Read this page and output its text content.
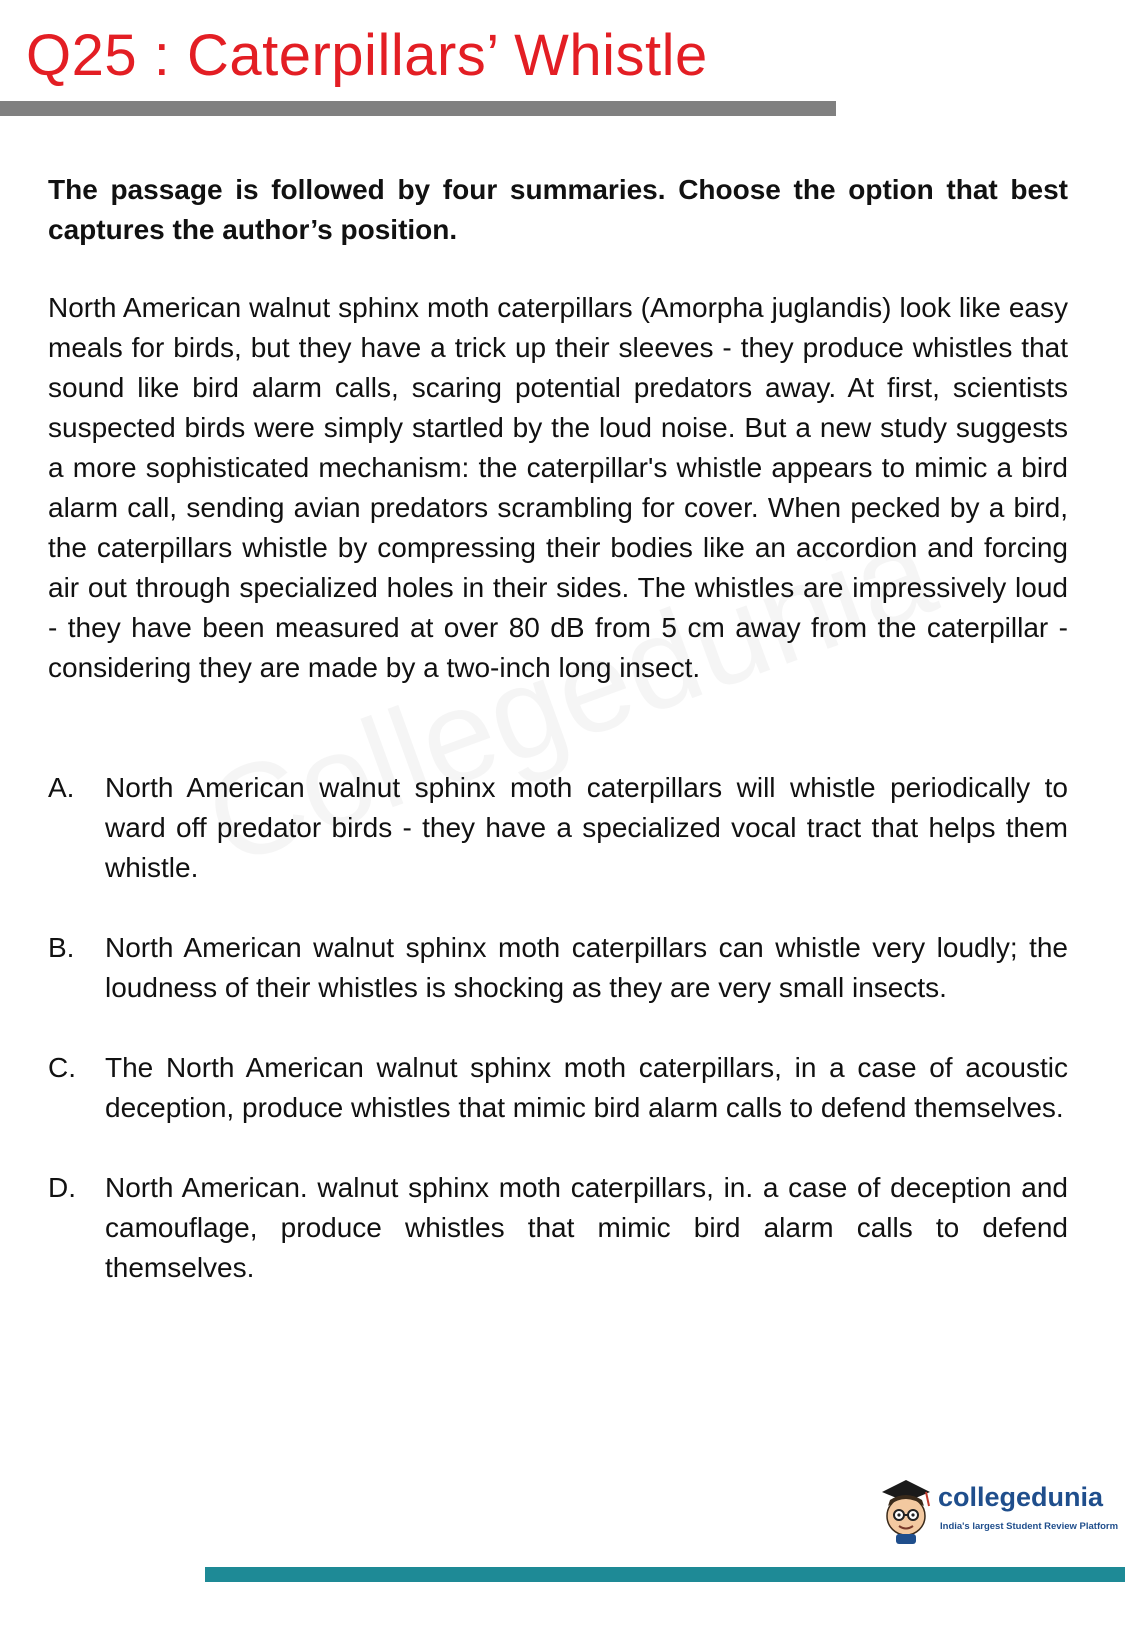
Q25 : Caterpillars’ Whistle

The passage is followed by four summaries. Choose the option that best captures the author’s position.

North American walnut sphinx moth caterpillars (Amorpha juglandis) look like easy meals for birds, but they have a trick up their sleeves - they produce whistles that sound like bird alarm calls, scaring potential predators away. At first, scientists suspected birds were simply startled by the loud noise. But a new study suggests a more sophisticated mechanism: the caterpillar's whistle appears to mimic a bird alarm call, sending avian predators scrambling for cover. When pecked by a bird, the caterpillars whistle by compressing their bodies like an accordion and forcing air out through specialized holes in their sides. The whistles are impressively loud - they have been measured at over 80 dB from 5 cm away from the caterpillar - considering they are made by a two-inch long insect.

A.	North American walnut sphinx moth caterpillars will whistle periodically to ward off predator birds - they have a specialized vocal tract that helps them whistle.
B.	North American walnut sphinx moth caterpillars can whistle very loudly; the loudness of their whistles is shocking as they are very small insects.
C.	The North American walnut sphinx moth caterpillars, in a case of acoustic deception, produce whistles that mimic bird alarm calls to defend themselves.
D.	North American. walnut sphinx moth caterpillars, in. a case of deception and camouflage, produce whistles that mimic bird alarm calls to defend themselves.
collegedunia
India's largest Student Review Platform
